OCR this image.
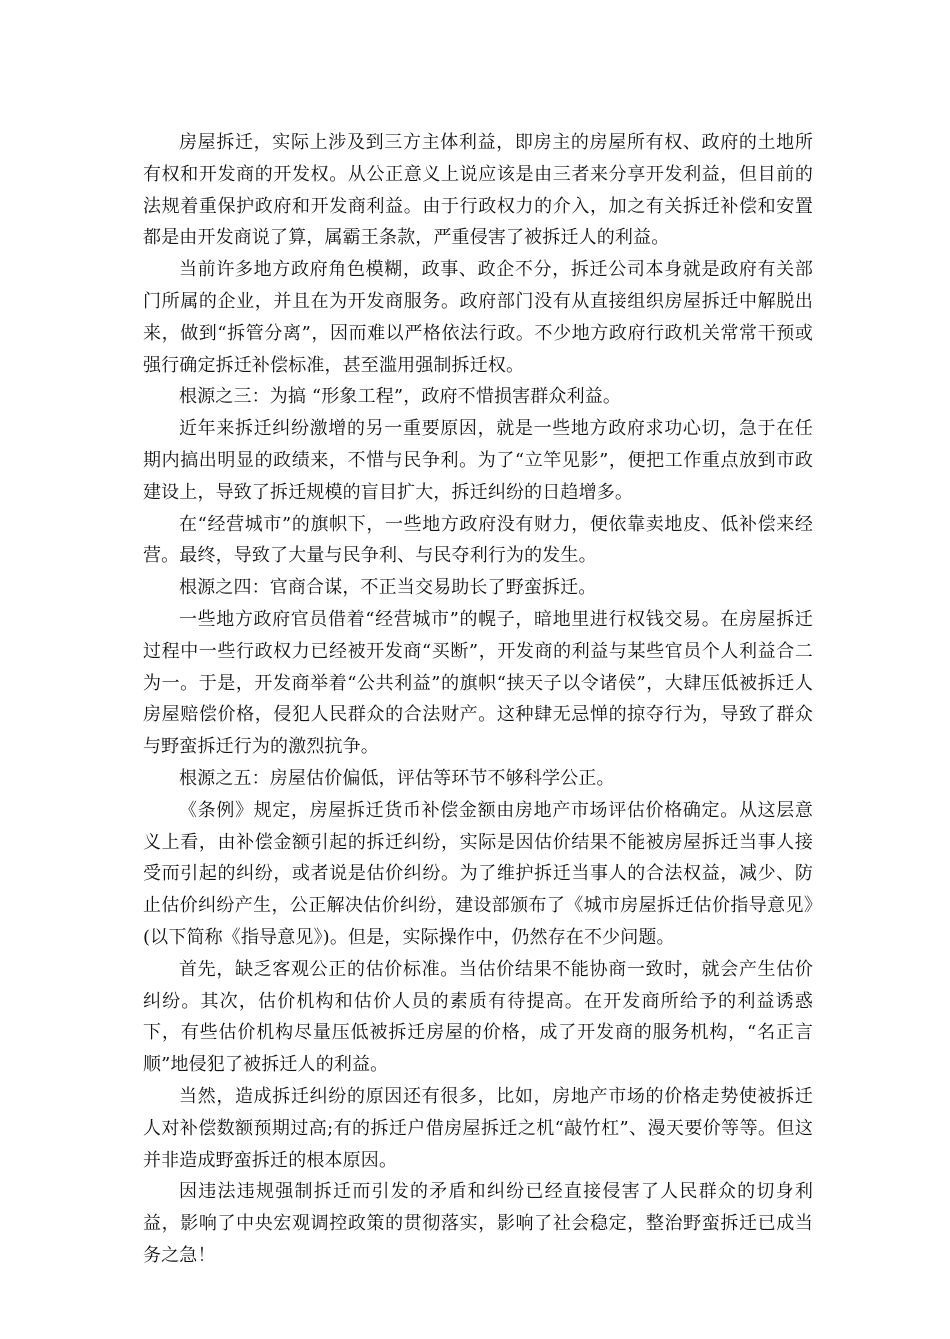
房屋拆迁，实际上涉及到三方主体利益，即房主的房屋所有权、政府的土地所有权和开发商的开发权。从公正意义上说应该是由三者来分享开发利益，但目前的法规着重保护政府和开发商利益。由于行政权力的介入，加之有关拆迁补偿和安置都是由开发商说了算，属霸王条款，严重侵害了被拆迁人的利益。

当前许多地方政府角色模糊，政事、政企不分，拆迁公司本身就是政府有关部门所属的企业，并且在为开发商服务。政府部门没有从直接组织房屋拆迁中解脱出来，做到“拆管分离”，因而难以严格依法行政。不少地方政府行政机关常常干预或强行确定拆迁补偿标准，甚至滥用强制拆迁权。

根源之三：为搞 “形象工程”，政府不惜损害群众利益。

近年来拆迁纠纷激增的另一重要原因，就是一些地方政府求功心切，急于在任期内搞出明显的政绩来，不惜与民争利。为了“立竿见影”，便把工作重点放到市政建设上，导致了拆迁规模的盲目扩大，拆迁纠纷的日趋增多。

在“经营城市”的旗帜下，一些地方政府没有财力，便依靠卖地皮、低补偿来经营。最终，导致了大量与民争利、与民夺利行为的发生。

根源之四：官商合谋，不正当交易助长了野蛮拆迁。

一些地方政府官员借着“经营城市”的幌子，暗地里进行权钱交易。在房屋拆迁过程中一些行政权力已经被开发商“买断”，开发商的利益与某些官员个人利益合二为一。于是，开发商举着“公共利益”的旗帜“挟天子以令诸侯”，大肆压低被拆迁人房屋赔偿价格，侵犯人民群众的合法财产。这种肆无忌惮的掠夺行为，导致了群众与野蛮拆迁行为的激烈抗争。

根源之五：房屋估价偏低，评估等环节不够科学公正。

《条例》规定，房屋拆迁货币补偿金额由房地产市场评估价格确定。从这层意义上看，由补偿金额引起的拆迁纠纷，实际是因估价结果不能被房屋拆迁当事人接受而引起的纠纷，或者说是估价纠纷。为了维护拆迁当事人的合法权益，减少、防止估价纠纷产生，公正解决估价纠纷，建设部颁布了《城市房屋拆迁估价指导意见》(以下简称《指导意见》)。但是，实际操作中，仍然存在不少问题。

首先，缺乏客观公正的估价标准。当估价结果不能协商一致时，就会产生估价纠纷。其次，估价机构和估价人员的素质有待提高。在开发商所给予的利益诱惑下，有些估价机构尽量压低被拆迁房屋的价格，成了开发商的服务机构，“名正言顺”地侵犯了被拆迁人的利益。

当然，造成拆迁纠纷的原因还有很多，比如，房地产市场的价格走势使被拆迁人对补偿数额预期过高;有的拆迁户借房屋拆迁之机“敲竹杠”、漫天要价等等。但这并非造成野蛮拆迁的根本原因。

因违法违规强制拆迁而引发的矛盾和纠纷已经直接侵害了人民群众的切身利益，影响了中央宏观调控政策的贯彻落实，影响了社会稳定，整治野蛮拆迁已成当务之急！
